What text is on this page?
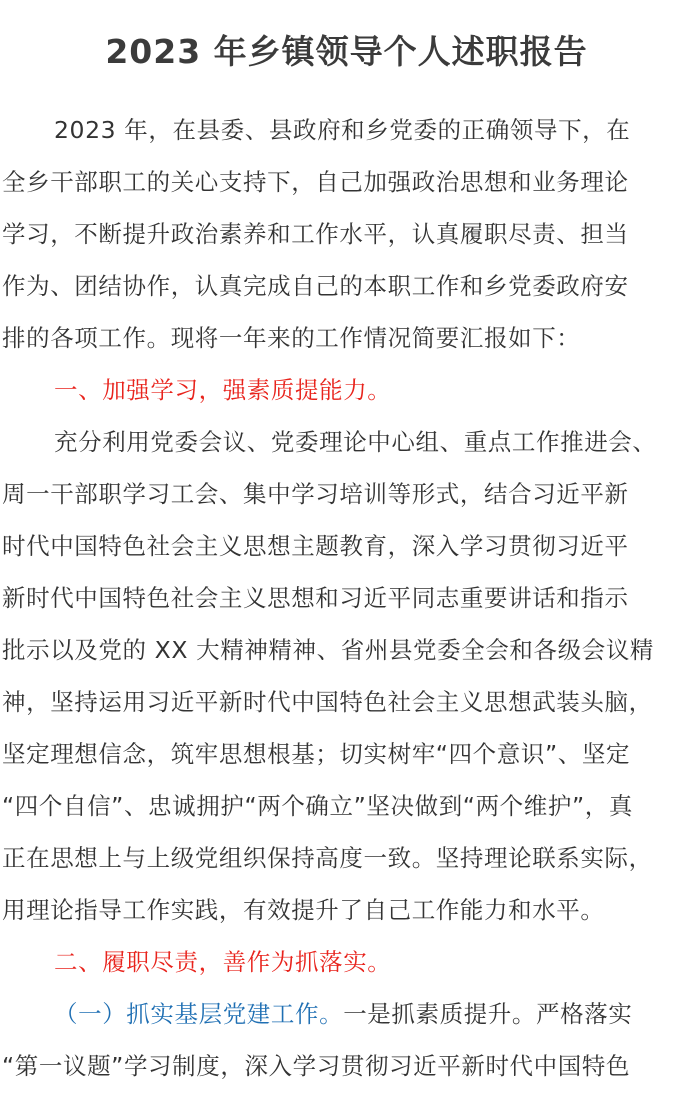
2023 年乡镇领导个人述职报告
2023 年，在县委、县政府和乡党委的正确领导下，在
全乡干部职工的关心支持下，自己加强政治思想和业务理论
学习，不断提升政治素养和工作水平，认真履职尽责、担当
作为、团结协作，认真完成自己的本职工作和乡党委政府安
排的各项工作。现将一年来的工作情况简要汇报如下：
一、加强学习，强素质提能力。
充分利用党委会议、党委理论中心组、重点工作推进会、
周一干部职学习工会、集中学习培训等形式，结合习近平新
时代中国特色社会主义思想主题教育，深入学习贯彻习近平
新时代中国特色社会主义思想和习近平同志重要讲话和指示
批示以及党的 XX 大精神精神、省州县党委全会和各级会议精
神，坚持运用习近平新时代中国特色社会主义思想武装头脑，
坚定理想信念，筑牢思想根基；切实树牢“四个意识”、坚定
“四个自信”、忠诚拥护“两个确立”坚决做到“两个维护”，真
正在思想上与上级党组织保持高度一致。坚持理论联系实际，
用理论指导工作实践，有效提升了自己工作能力和水平。
二、履职尽责，善作为抓落实。
（一）抓实基层党建工作。一是抓素质提升。严格落实
“第一议题”学习制度，深入学习贯彻习近平新时代中国特色
